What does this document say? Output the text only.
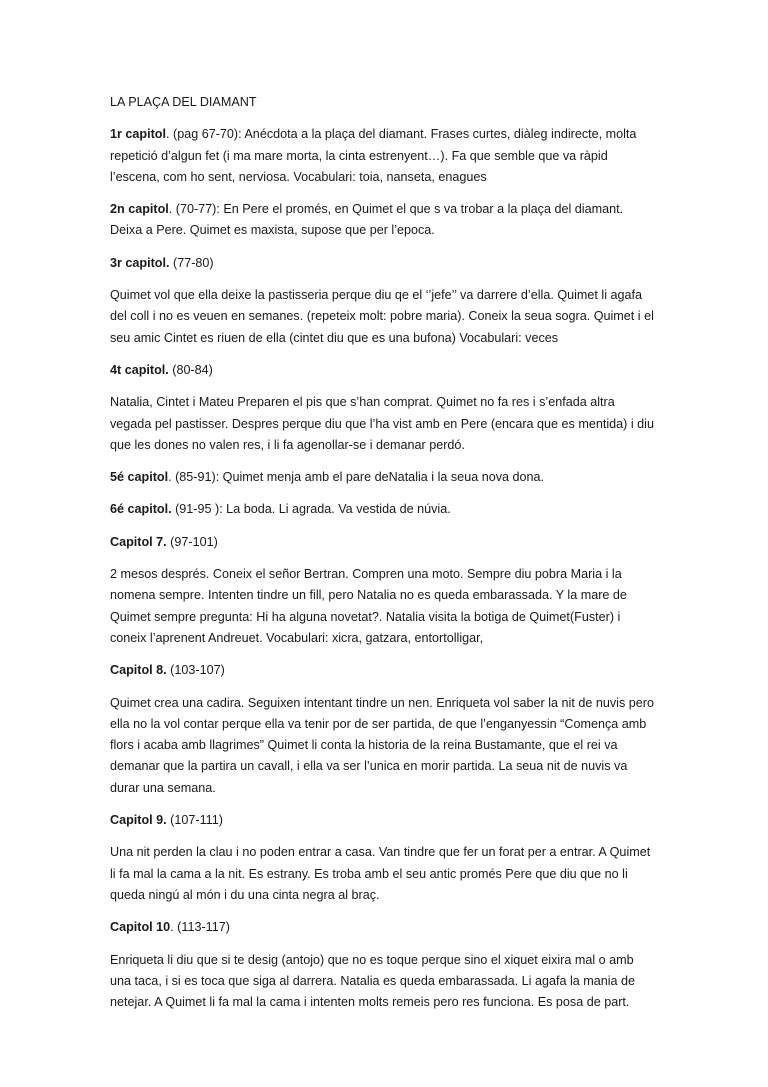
LA PLAÇA DEL DIAMANT
1r capitol. (pag 67-70): Anécdota a la plaça del diamant. Frases curtes, diàleg indirecte, molta repetició d’algun fet (i ma mare morta, la cinta estrenyent…). Fa que semble que va ràpid l’escena, com ho sent, nerviosa. Vocabulari: toia, nanseta, enagues
2n capitol. (70-77): En Pere el promés, en Quimet el que s va trobar a la plaça del diamant. Deixa a Pere. Quimet es maxista, supose que per l’epoca.
3r capitol. (77-80)
Quimet vol que ella deixe la pastisseria perque diu qe el ‘’jefe’’ va darrere d’ella. Quimet li agafa del coll i no es veuen en semanes. (repeteix molt: pobre maria). Coneix la seua sogra. Quimet i el seu amic Cintet es riuen de ella (cintet diu que es una bufona) Vocabulari: veces
4t capitol. (80-84)
Natalia, Cintet i Mateu Preparen el pis que s’han comprat. Quimet no fa res i s’enfada altra vegada pel pastisser. Despres perque diu que l’ha vist amb en Pere (encara que es mentida) i diu que les dones no valen res, i li fa agenollar-se i demanar perdó.
5é capitol. (85-91): Quimet menja amb el pare deNatalia i la seua nova dona.
6é capitol. (91-95 ): La boda. Li agrada. Va vestida de núvia.
Capitol 7. (97-101)
2 mesos després. Coneix el señor Bertran. Compren una moto. Sempre diu pobra Maria i la nomena sempre. Intenten tindre un fill, pero Natalia no es queda embarassada. Y la mare de Quimet sempre pregunta: Hi ha alguna novetat?. Natalia visita la botiga de Quimet(Fuster) i coneix l’aprenent Andreuet. Vocabulari: xicra, gatzara, entortolligar,
Capitol 8. (103-107)
Quimet crea una cadira. Seguixen intentant tindre un nen. Enriqueta vol saber la nit de nuvis pero ella no la vol contar perque ella va tenir por de ser partida, de que l’enganyessin “Comença amb flors i acaba amb llagrimes” Quimet li conta la historia de la reina Bustamante, que el rei va demanar que la partira un cavall, i ella va ser l’unica en morir partida. La seua nit de nuvis va durar una semana.
Capitol 9. (107-111)
Una nit perden la clau i no poden entrar a casa. Van tindre que fer un forat per a entrar. A Quimet li fa mal la cama a la nit. Es estrany. Es troba amb el seu antic promés Pere que diu que no li queda ningú al món i du una cinta negra al braç.
Capitol 10. (113-117)
Enriqueta li diu que si te desig (antojo) que no es toque perque sino el xiquet eixira mal o amb una taca, i si es toca que siga al darrera. Natalia es queda embarassada. Li agafa la mania de netejar. A Quimet li fa mal la cama i intenten molts remeis pero res funciona. Es posa de part.
